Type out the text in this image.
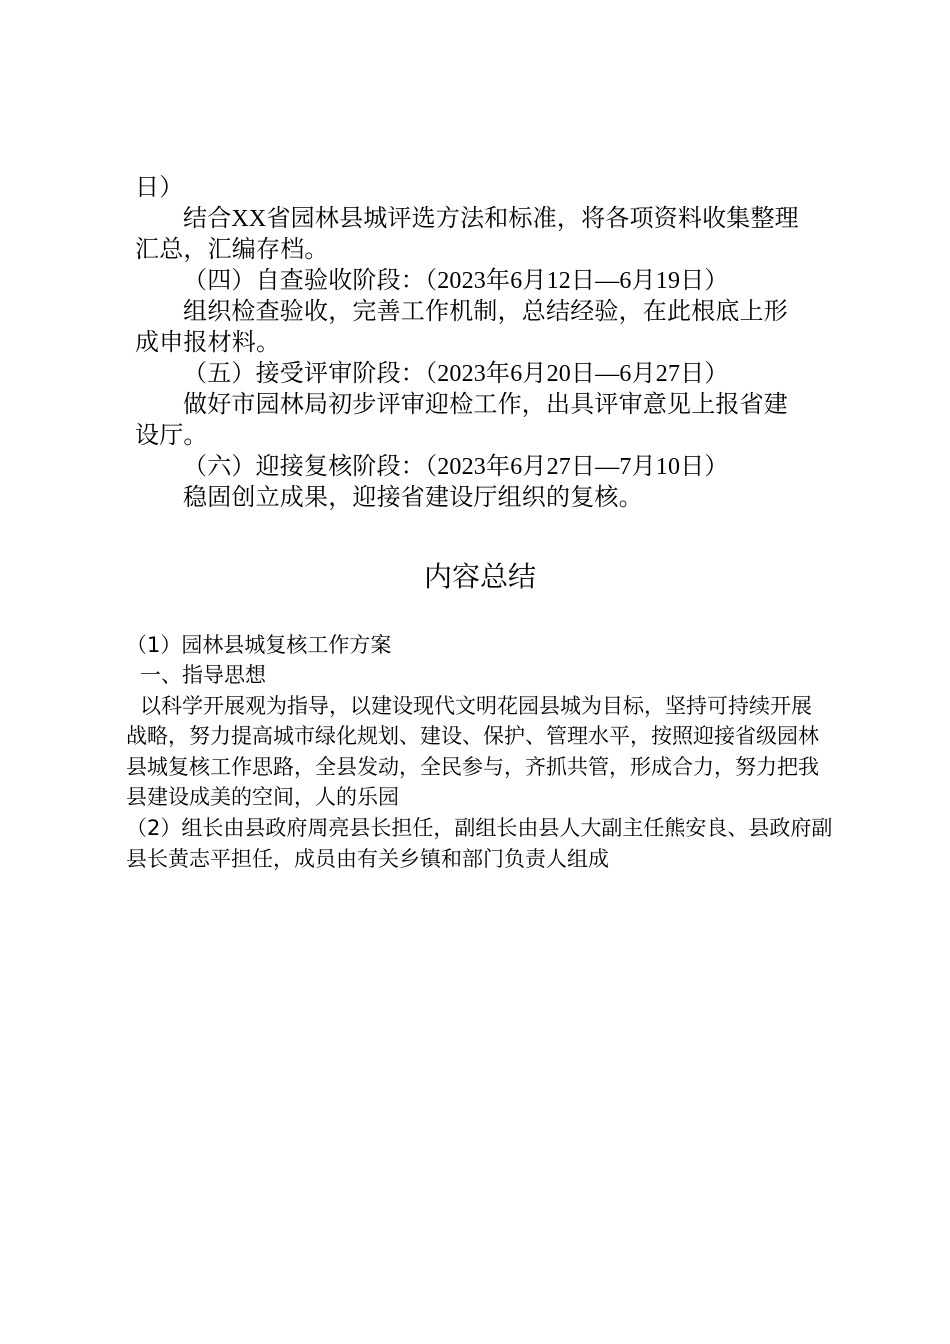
日）
结合XX省园林县城评选方法和标准，将各项资料收集整理
汇总，汇编存档。
（四）自查验收阶段：（2023年6月12日—6月19日）
组织检查验收，完善工作机制，总结经验，在此根底上形
成申报材料。
（五）接受评审阶段：（2023年6月20日—6月27日）
做好市园林局初步评审迎检工作，出具评审意见上报省建
设厅。
（六）迎接复核阶段：（2023年6月27日—7月10日）
稳固创立成果，迎接省建设厅组织的复核。
内容总结
（1）园林县城复核工作方案
一、指导思想
以科学开展观为指导，以建设现代文明花园县城为目标，坚持可持续开展
战略，努力提高城市绿化规划、建设、保护、管理水平，按照迎接省级园林
县城复核工作思路，全县发动，全民参与，齐抓共管，形成合力，努力把我
县建设成美的空间，人的乐园
（2）组长由县政府周亮县长担任，副组长由县人大副主任熊安良、县政府副
县长黄志平担任，成员由有关乡镇和部门负责人组成
